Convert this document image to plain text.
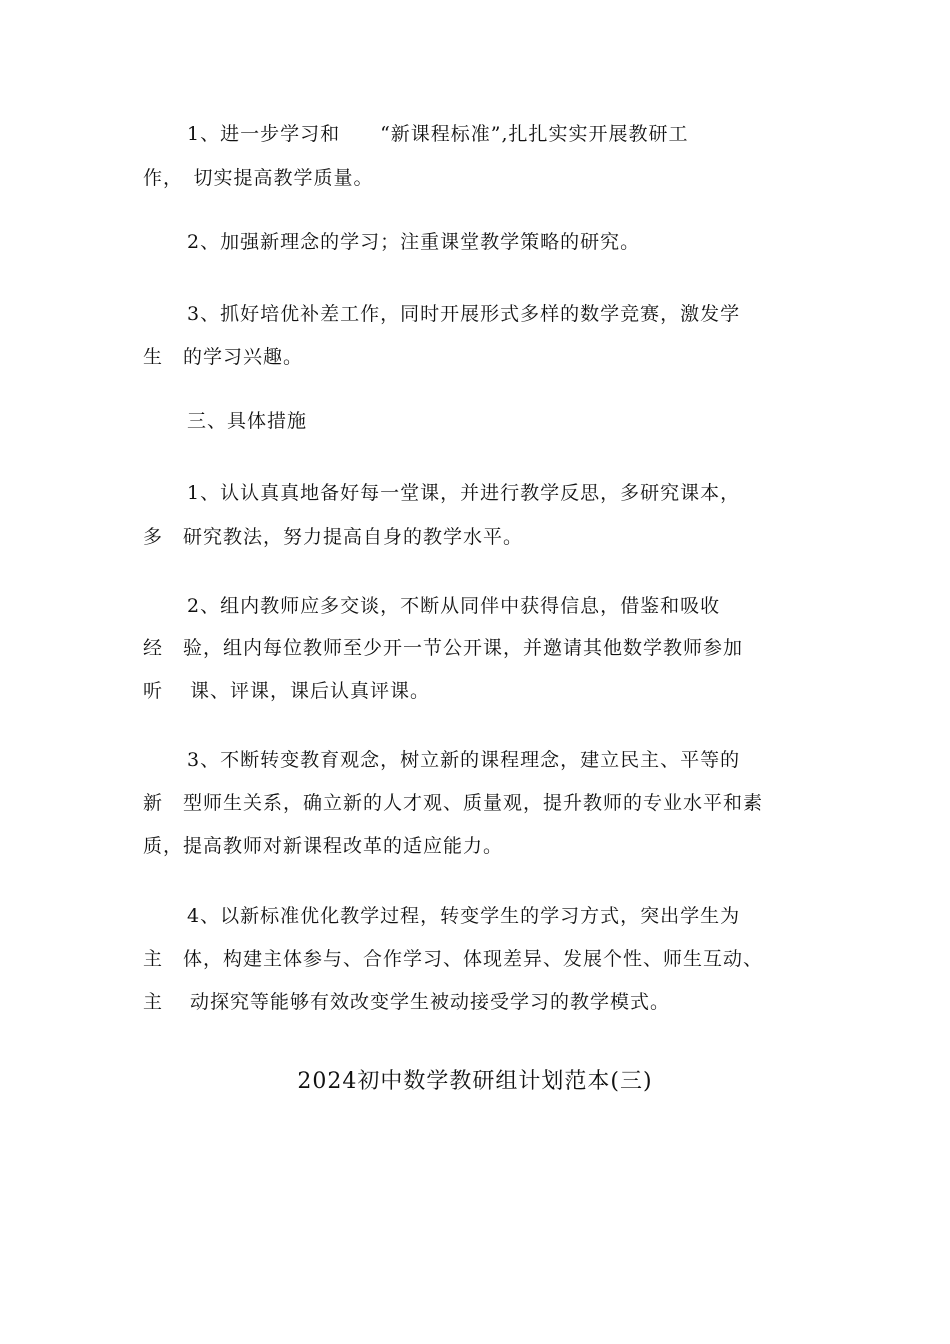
1、进一步学习和　　“新课程标准”,扎扎实实开展教研工
作，　切实提高教学质量。
2、加强新理念的学习；注重课堂教学策略的研究。
3、抓好培优补差工作，同时开展形式多样的数学竞赛，激发学
生　的学习兴趣。
三、具体措施
1、认认真真地备好每一堂课，并进行教学反思，多研究课本，
多　研究教法，努力提高自身的教学水平。
2、组内教师应多交谈，不断从同伴中获得信息，借鉴和吸收
经　验，组内每位教师至少开一节公开课，并邀请其他数学教师参加
听　 课、评课，课后认真评课。
3、不断转变教育观念，树立新的课程理念，建立民主、平等的
新　型师生关系，确立新的人才观、质量观，提升教师的专业水平和素
质，提高教师对新课程改革的适应能力。
4、以新标准优化教学过程，转变学生的学习方式，突出学生为
主　体，构建主体参与、合作学习、体现差异、发展个性、师生互动、
主　 动探究等能够有效改变学生被动接受学习的教学模式。
2024初中数学教研组计划范本(三)
